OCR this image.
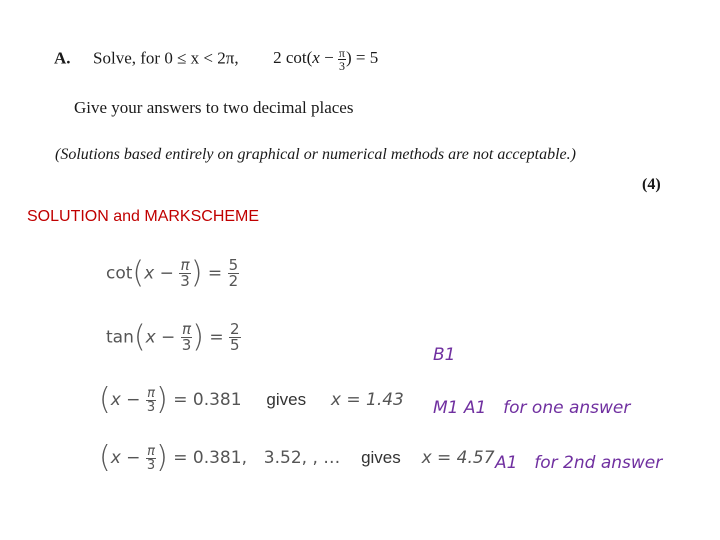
A. Solve, for 0 ≤ x < 2π, 2 $\cot(x - \frac{\pi}{3}$ ) = 5
Give your answers to two decimal places
(Solutions based entirely on graphical or numerical methods are not acceptable.)
(4)
SOLUTION and MARKSCHEME
$\cot(x - \frac{\pi}{3}$ ) = $\frac{5}{2}$
$\tan(x - \frac{\pi}{3}$ ) = $\frac{2}{5}$
($x - \frac{\pi}{3}$ ) = 0.381 gives x = 1.43
($x - \frac{\pi}{3}$ ) = 0.381, 3.52, , … gives x = 4.57
B1
M1 A1 for one answer
A1 for 2nd answer
